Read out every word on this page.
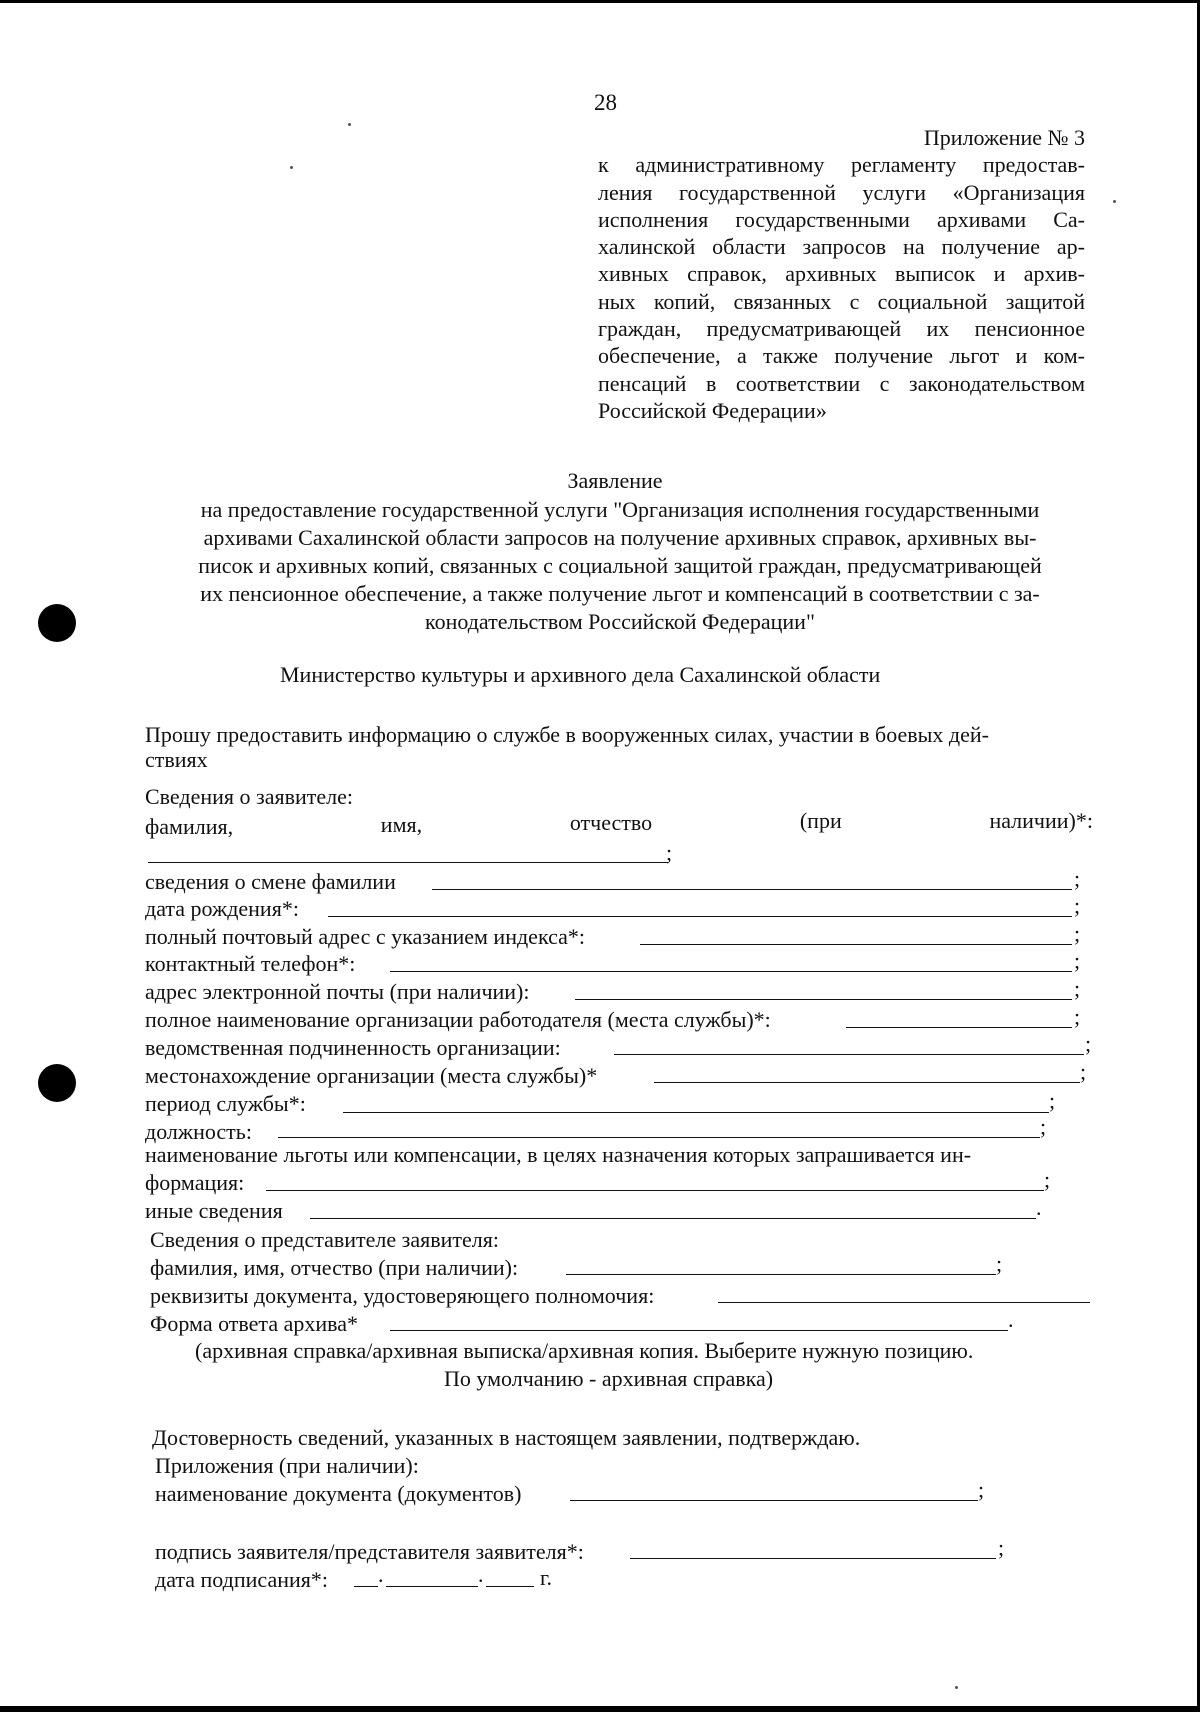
28
Приложение № 3
к административному регламенту предостав-
ления государственной услуги «Организация
исполнения государственными архивами Са-
халинской области запросов на получение ар-
хивных справок, архивных выписок и архив-
ных копий, связанных с социальной защитой
граждан, предусматривающей их пенсионное
обеспечение, а также получение льгот и ком-
пенсаций в соответствии с законодательством
Российской Федерации»
Заявление
на предоставление государственной услуги "Организация исполнения государственными
архивами Сахалинской области запросов на получение архивных справок, архивных вы-
писок и архивных копий, связанных с социальной защитой граждан, предусматривающей
их пенсионное обеспечение, а также получение льгот и компенсаций в соответствии с за-
конодательством Российской Федерации"
Министерство культуры и архивного дела Сахалинской области
Прошу предоставить информацию о службе в вооруженных силах, участии в боевых дей-
ствиях
Сведения о заявителе:
фамилия,	имя,	отчество	(при	наличии)*:
;
сведения о смене фамилии	;
дата рождения*:	;
полный почтовый адрес с указанием индекса*:	;
контактный телефон*:	;
адрес электронной почты (при наличии):	;
полное наименование организации работодателя (места службы)*:	;
ведомственная подчиненность организации:	;
местонахождение организации (места службы)*	;
период службы*:	;
должность:	;
наименование льготы или компенсации, в целях назначения которых запрашивается ин-
формация:	;
иные сведения	.
Сведения о представителе заявителя:
фамилия, имя, отчество (при наличии):	;
реквизиты документа, удостоверяющего полномочия:
Форма ответа архива*	.
(архивная справка/архивная выписка/архивная копия. Выберите нужную позицию.
По умолчанию - архивная справка)
Достоверность сведений, указанных в настоящем заявлении, подтверждаю.
Приложения (при наличии):
наименование документа (документов)	;
подпись заявителя/представителя заявителя*:	;
дата подписания*: .	.	г.
